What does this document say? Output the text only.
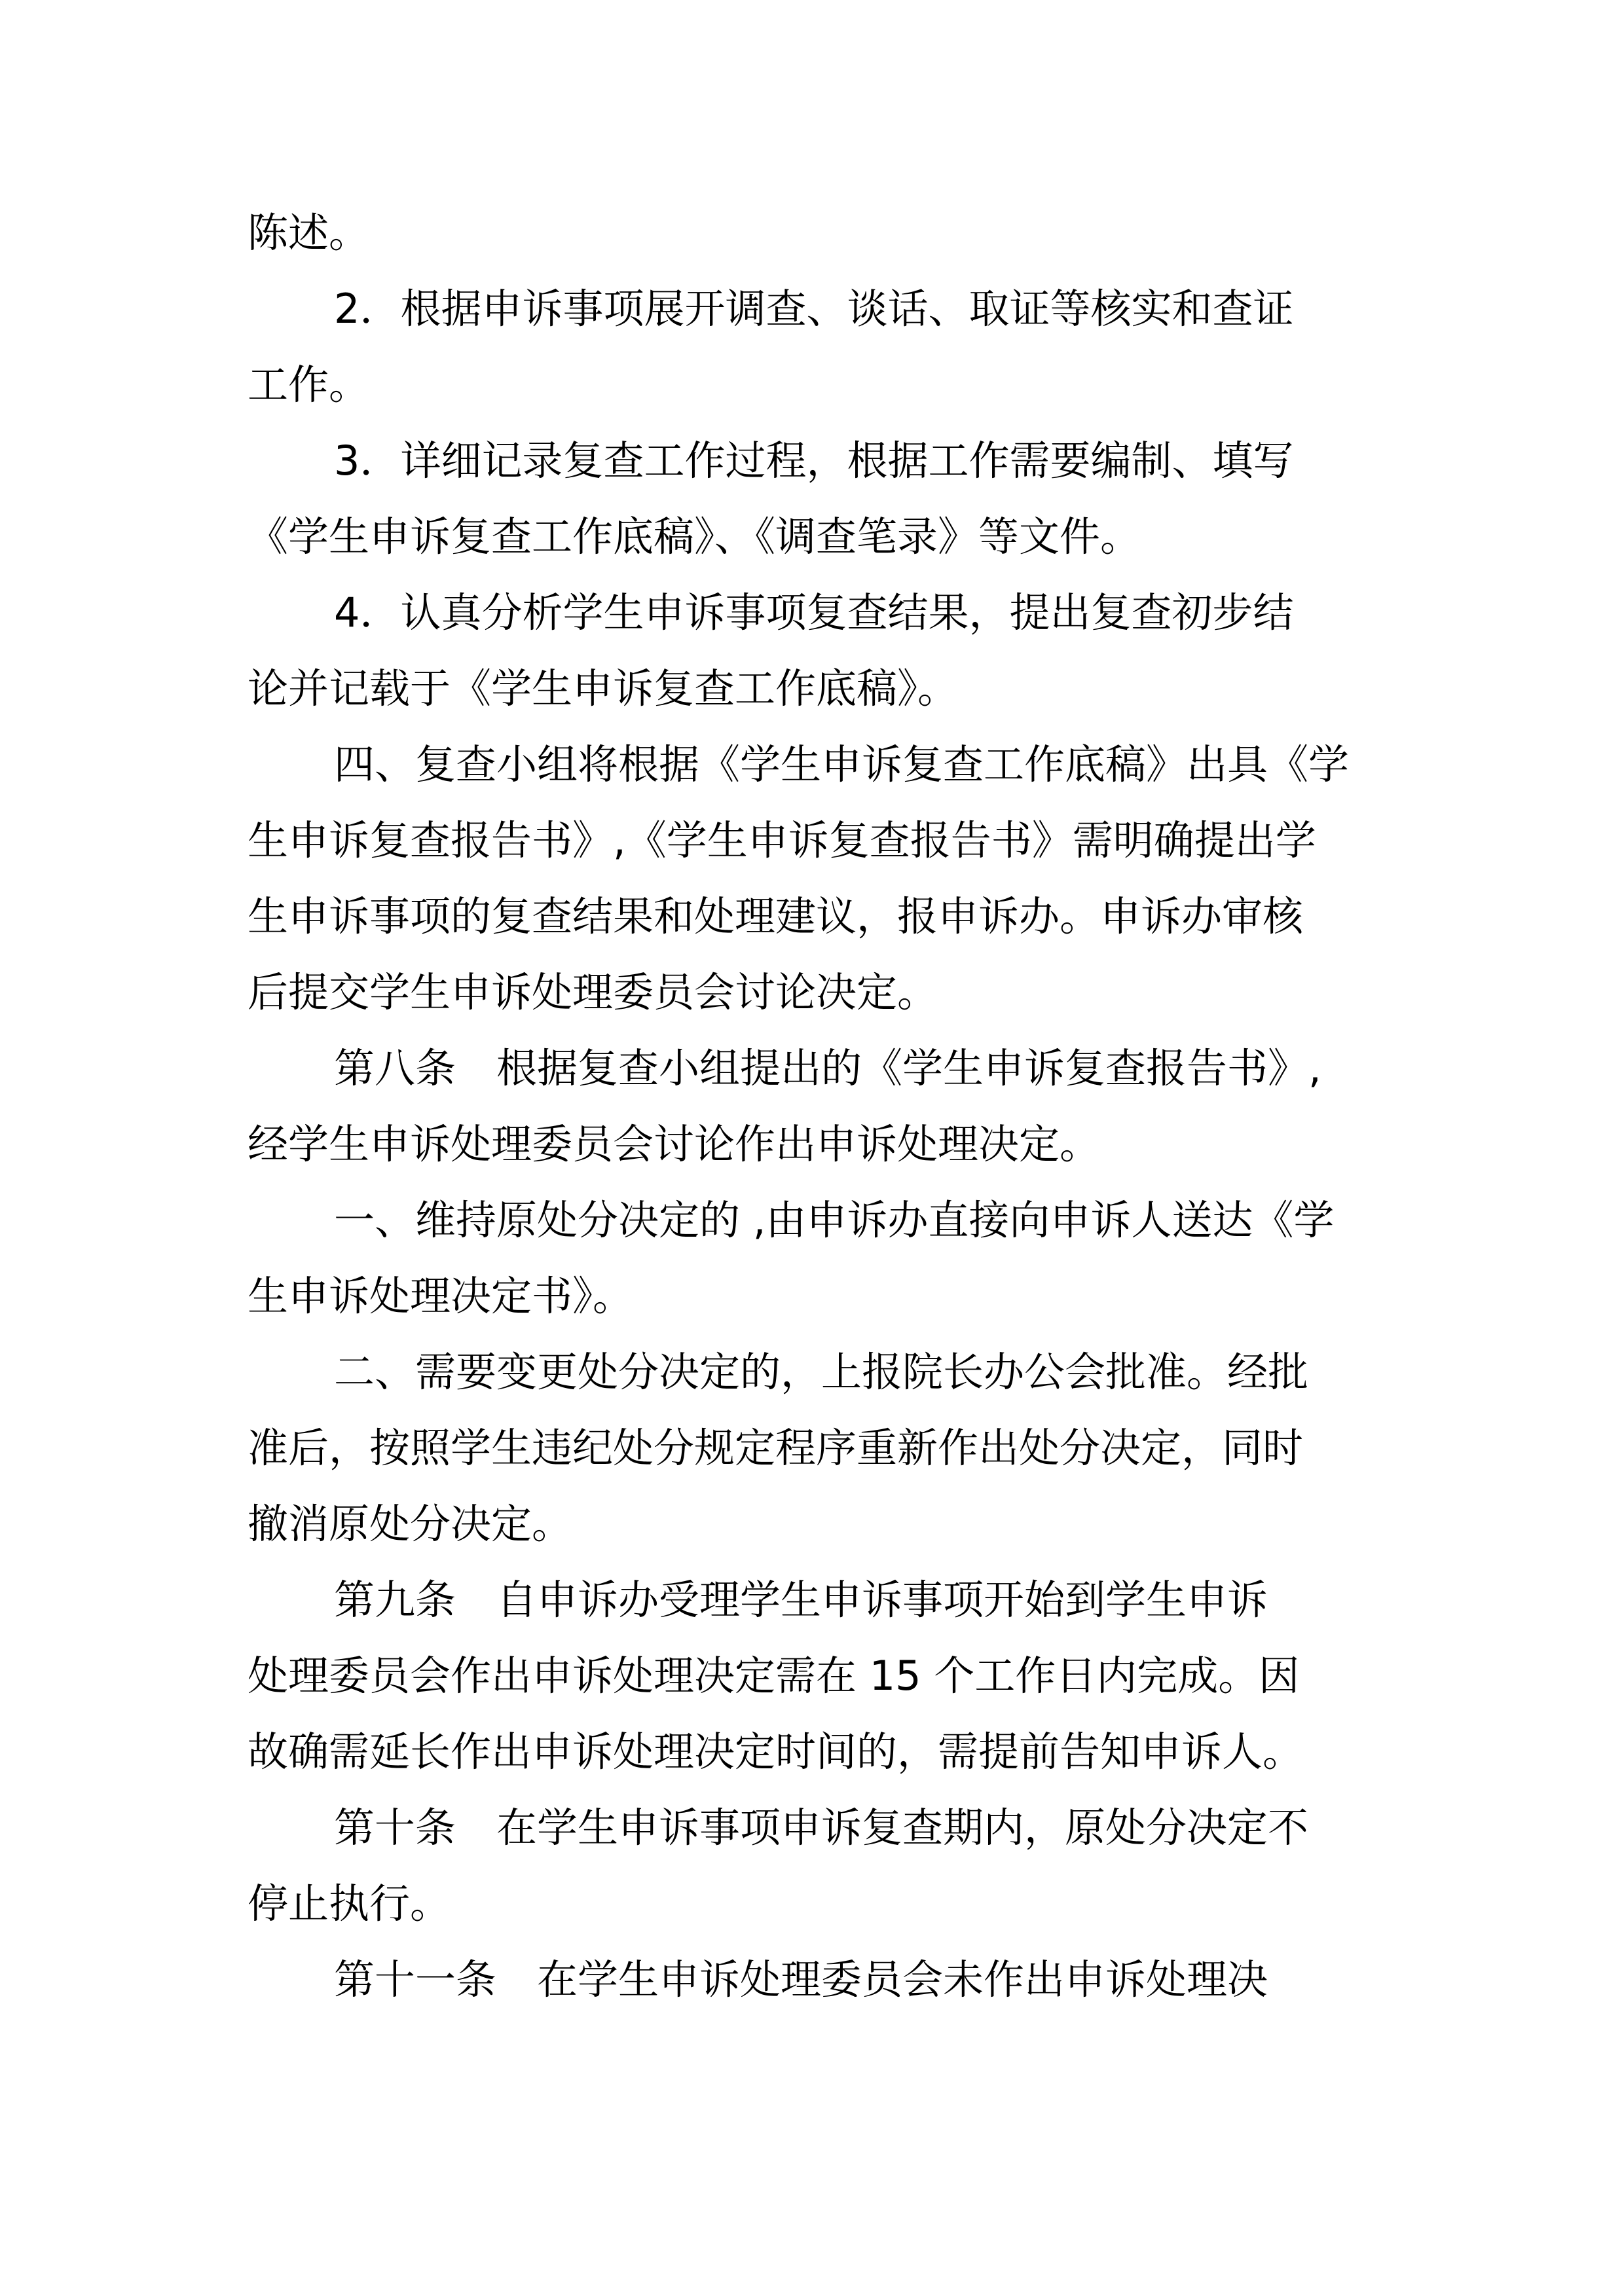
陈述。
2．根据申诉事项展开调查、谈话、取证等核实和查证
工作。
3．详细记录复查工作过程，根据工作需要编制、填写
《学生申诉复查工作底稿》、《调查笔录》等文件。
4．认真分析学生申诉事项复查结果，提出复查初步结
论并记载于《学生申诉复查工作底稿》。
四、复查小组将根据《学生申诉复查工作底稿》出具《学
生申诉复查报告书》,《学生申诉复查报告书》需明确提出学
生申诉事项的复查结果和处理建议，报申诉办。申诉办审核
后提交学生申诉处理委员会讨论决定。
第八条　根据复查小组提出的《学生申诉复查报告书》,
经学生申诉处理委员会讨论作出申诉处理决定。
一、维持原处分决定的 ,由申诉办直接向申诉人送达《学
生申诉处理决定书》。
二、需要变更处分决定的，上报院长办公会批准。经批
准后，按照学生违纪处分规定程序重新作出处分决定，同时
撤消原处分决定。
第九条　自申诉办受理学生申诉事项开始到学生申诉
处理委员会作出申诉处理决定需在 15 个工作日内完成。因
故确需延长作出申诉处理决定时间的，需提前告知申诉人。
第十条　在学生申诉事项申诉复查期内，原处分决定不
停止执行。
第十一条　在学生申诉处理委员会未作出申诉处理决
